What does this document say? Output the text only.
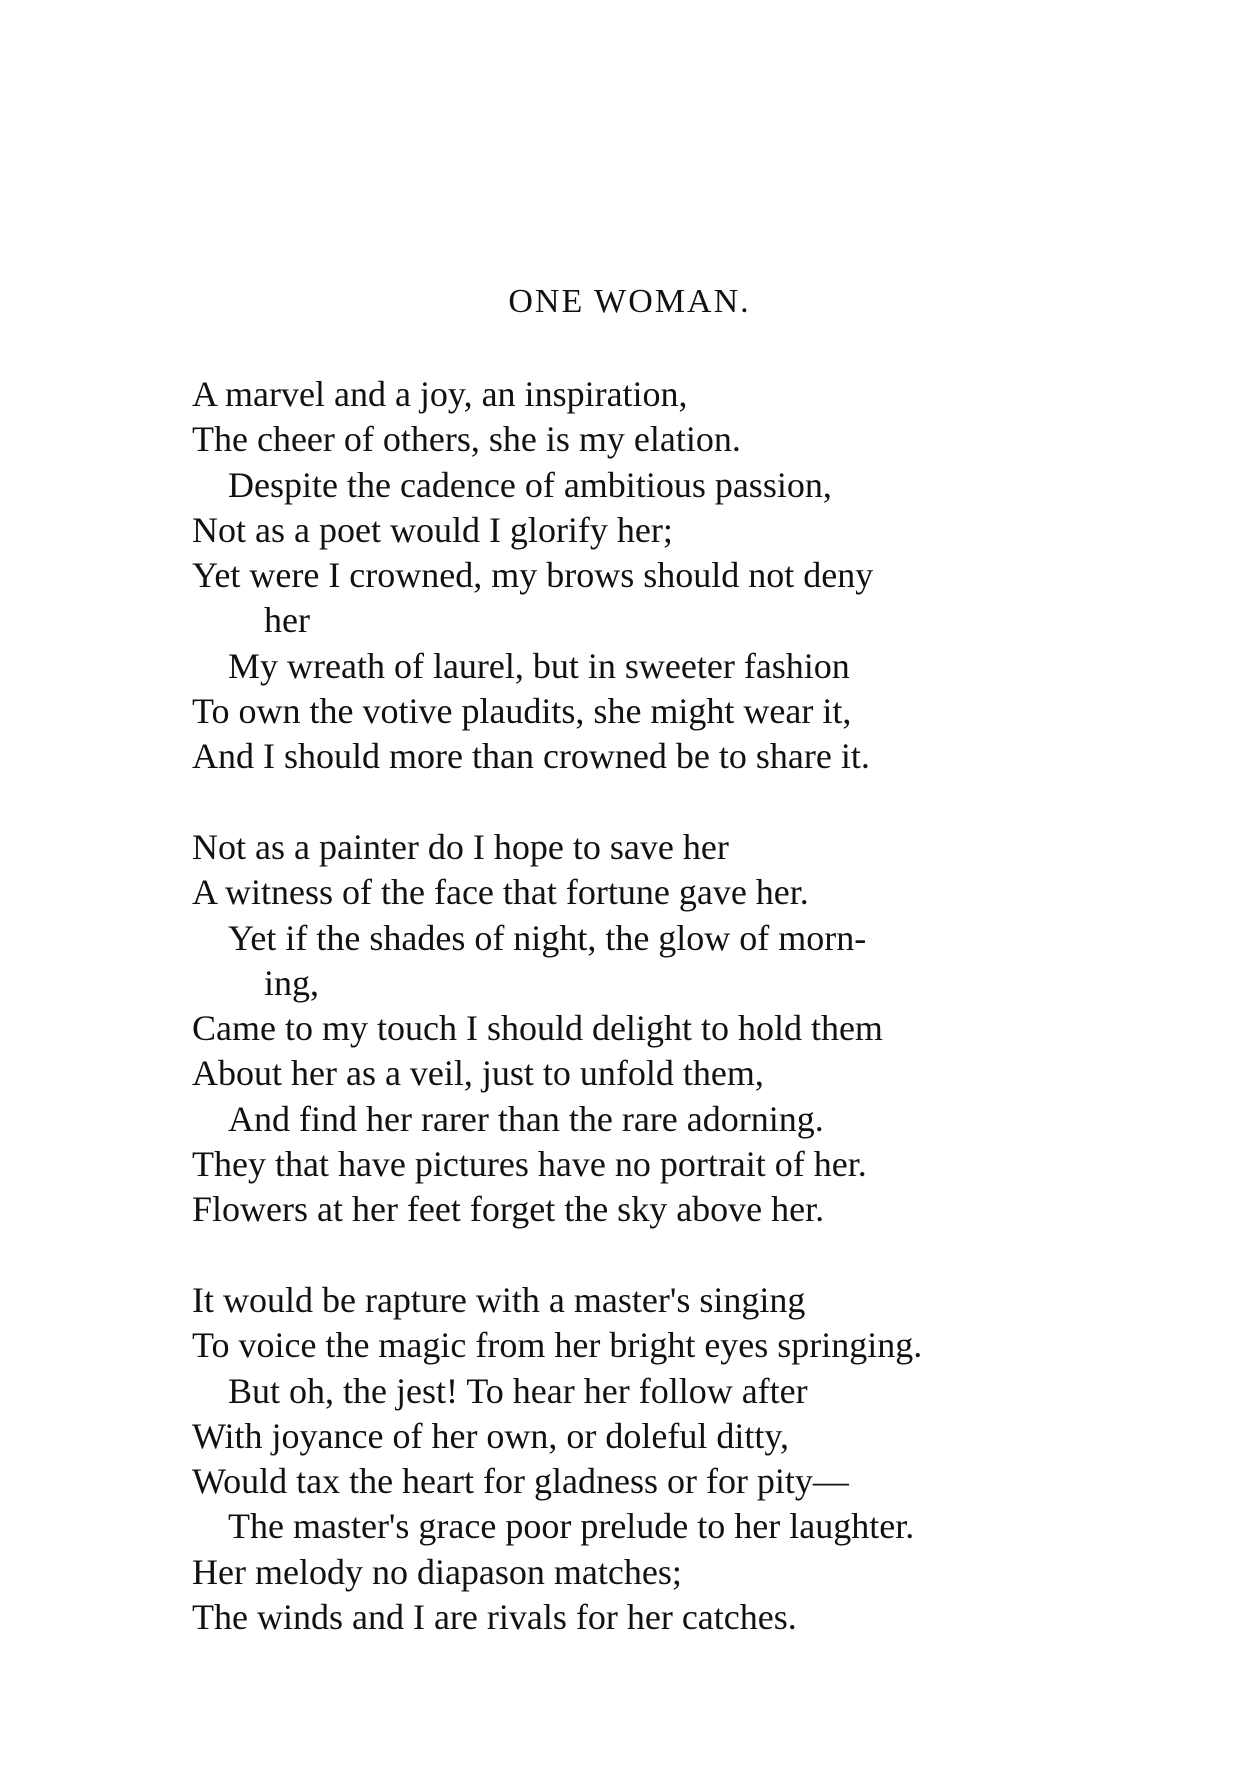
ONE WOMAN.
A marvel and a joy, an inspiration,
The cheer of others, she is my elation.
Despite the cadence of ambitious passion,
Not as a poet would I glorify her;
Yet were I crowned, my brows should not deny
her
My wreath of laurel, but in sweeter fashion
To own the votive plaudits, she might wear it,
And I should more than crowned be to share it.
Not as a painter do I hope to save her
A witness of the face that fortune gave her.
Yet if the shades of night, the glow of morn-
ing,
Came to my touch I should delight to hold them
About her as a veil, just to unfold them,
And find her rarer than the rare adorning.
They that have pictures have no portrait of her.
Flowers at her feet forget the sky above her.
It would be rapture with a master's singing
To voice the magic from her bright eyes springing.
But oh, the jest! To hear her follow after
With joyance of her own, or doleful ditty,
Would tax the heart for gladness or for pity—
The master's grace poor prelude to her laughter.
Her melody no diapason matches;
The winds and I are rivals for her catches.
